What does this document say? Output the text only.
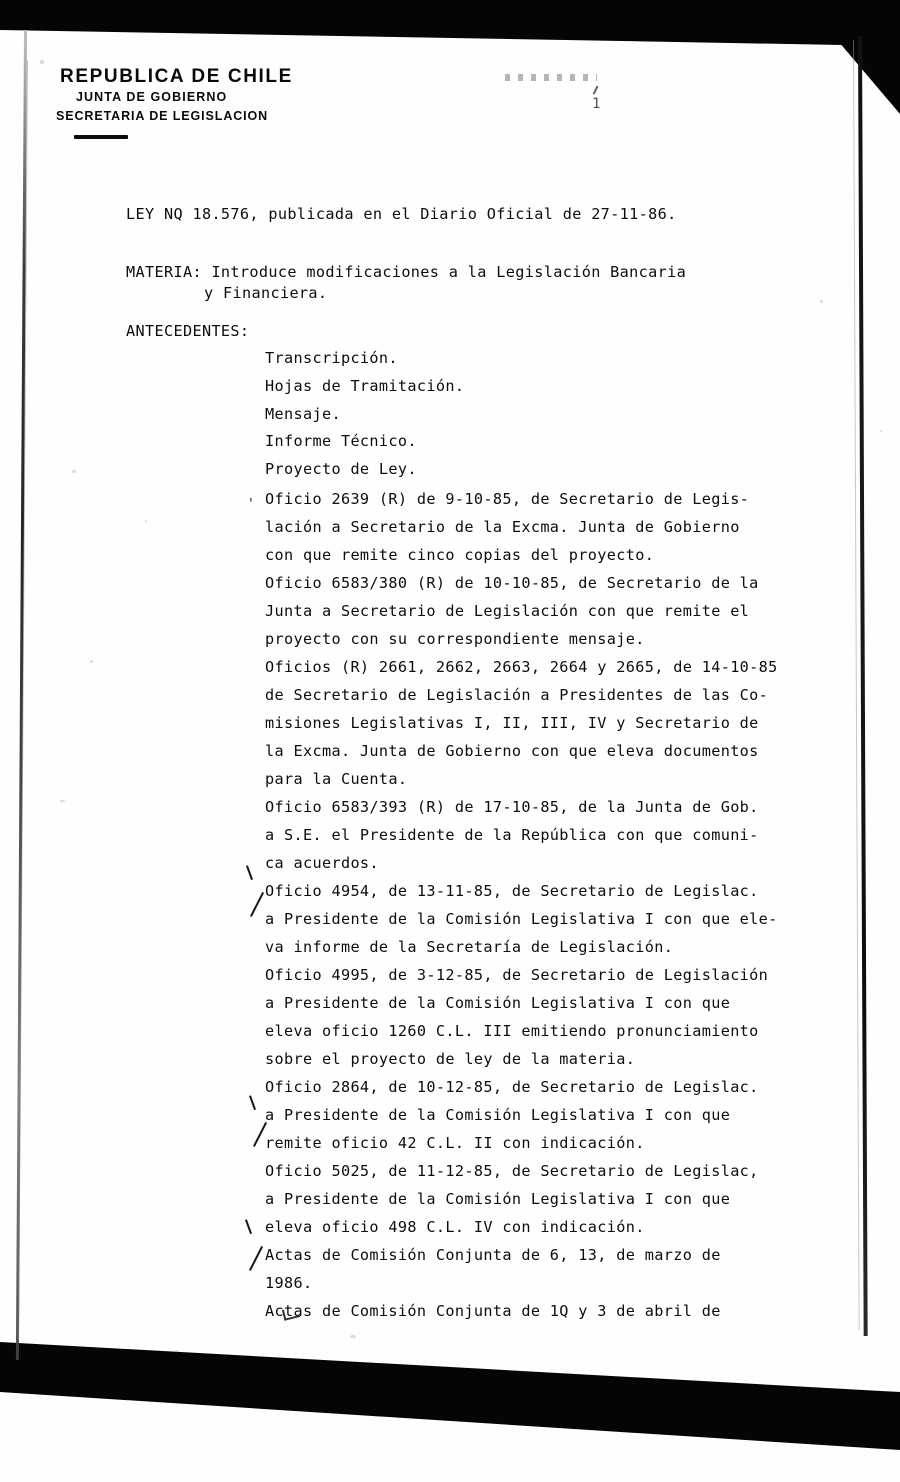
REPUBLICA DE CHILE
JUNTA DE GOBIERNO
SECRETARIA DE LEGISLACION
1

LEY NQ 18.576, publicada en el Diario Oficial de 27-11-86.

MATERIA: Introduce modificaciones a la Legislación Bancaria

y Financiera.

ANTECEDENTES:

Transcripción.

Hojas de Tramitación.

Mensaje.

Informe Técnico.

Proyecto de Ley.

Oficio 2639 (R) de 9-10-85, de Secretario de Legis-

lación a Secretario de la Excma. Junta de Gobierno

con que remite cinco copias del proyecto.

Oficio 6583/380 (R) de 10-10-85, de Secretario de la

Junta a Secretario de Legislación con que remite el

proyecto con su correspondiente mensaje.

Oficios (R) 2661, 2662, 2663, 2664 y 2665, de 14-10-85

de Secretario de Legislación a Presidentes de las Co-

misiones Legislativas I, II, III, IV y Secretario de

la Excma. Junta de Gobierno con que eleva documentos

para la Cuenta.

Oficio 6583/393 (R) de 17-10-85, de la Junta de Gob.

a S.E. el Presidente de la República con que comuni-

ca acuerdos.

Oficio 4954, de 13-11-85, de Secretario de Legislac.

a Presidente de la Comisión Legislativa I con que ele-

va informe de la Secretaría de Legislación.

Oficio 4995, de 3-12-85, de Secretario de Legislación

a Presidente de la Comisión Legislativa I con que

eleva oficio 1260 C.L. III emitiendo pronunciamiento

sobre el proyecto de ley de la materia.

Oficio 2864, de 10-12-85, de Secretario de Legislac.

a Presidente de la Comisión Legislativa I con que

remite oficio 42 C.L. II con indicación.

Oficio 5025, de 11-12-85, de Secretario de Legislac,

a Presidente de la Comisión Legislativa I con que

eleva oficio 498 C.L. IV con indicación.

Actas de Comisión Conjunta de 6, 13, de marzo de

1986.

Actas de Comisión Conjunta de 1Q y 3 de abril de

'
